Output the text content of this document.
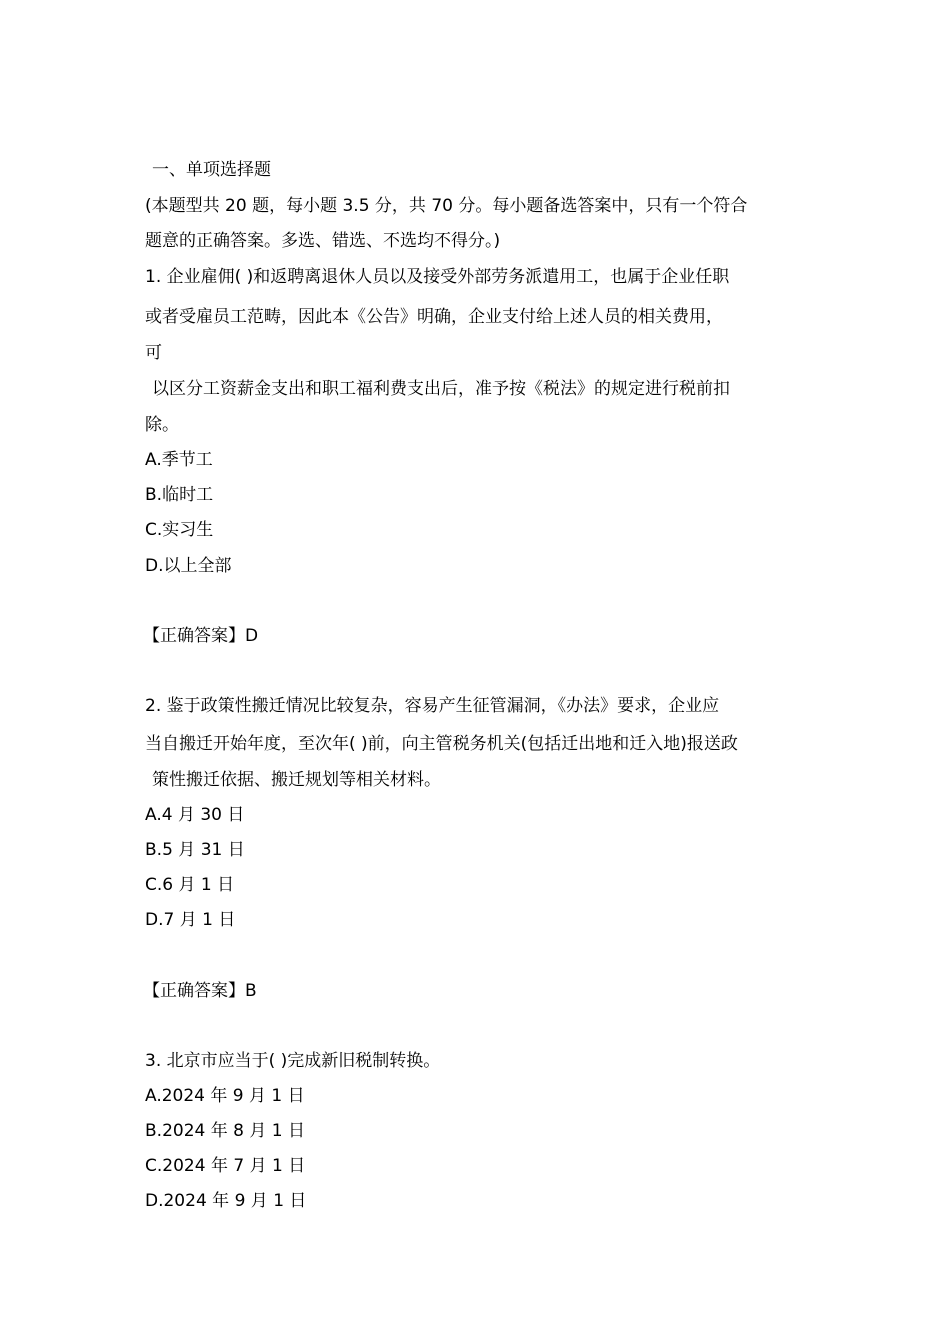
一、单项选择题

(本题型共 20 题，每小题 3.5 分，共 70 分。每小题备选答案中，只有一个符合

题意的正确答案。多选、错选、不选均不得分。)

1. 企业雇佣( )和返聘离退休人员以及接受外部劳务派遣用工，也属于企业任职

或者受雇员工范畴，因此本《公告》明确，企业支付给上述人员的相关费用，

可

以区分工资薪金支出和职工福利费支出后，准予按《税法》的规定进行税前扣

除。

A.季节工

B.临时工

C.实习生

D.以上全部

【正确答案】D

2. 鉴于政策性搬迁情况比较复杂，容易产生征管漏洞，《办法》要求，企业应

当自搬迁开始年度，至次年( )前，向主管税务机关(包括迁出地和迁入地)报送政

策性搬迁依据、搬迁规划等相关材料。

A.4 月 30 日

B.5 月 31 日

C.6 月 1 日

D.7 月 1 日

【正确答案】B

3. 北京市应当于( )完成新旧税制转换。

A.2024 年 9 月 1 日

B.2024 年 8 月 1 日

C.2024 年 7 月 1 日

D.2024 年 9 月 1 日
